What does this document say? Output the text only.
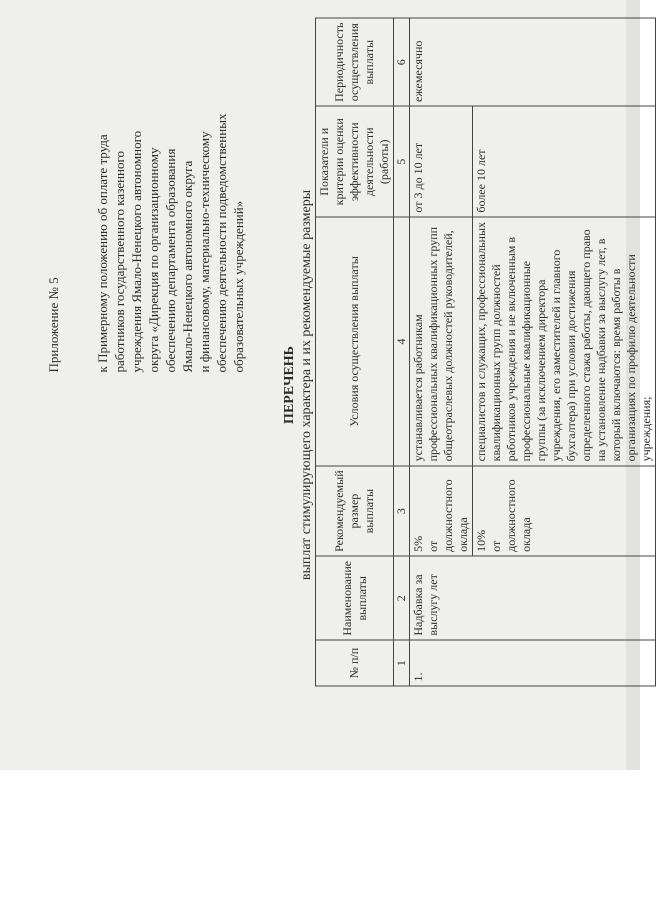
Приложение № 5	к Примерному положению об оплате труда работников государственного казенного учреждения Ямало-Ненецкого автономного округа «Дирекция по организационному обеспечению департамента образования Ямало-Ненецкого автономного округа и финансовому, материально-техническому обеспечению деятельности подведомственных образовательных учреждений»
ПЕРЕЧЕНЬ выплат стимулирующего характера и их рекомендуемые размеры
№ п/п	Наименование выплаты	Рекомендуемый размер выплаты	Условия осуществления выплаты	Показатели и критерии оценки эффективности деятельности (работы)	Периодичность осуществления выплаты
1	2	3	4	5	6
1.	Надбавка за выслугу лет	5% от должностного оклада	устанавливается работникам профессиональных квалификационных групп общеотраслевых должностей руководителей,	от 3 до 10 лет	ежемесячно

		10% от должностного оклада	специалистов и служащих, профессиональных квалификационных групп должностей работников учреждения и не включенным в профессиональные квалификационные группы (за исключением директора учреждения, его заместителей и главного бухгалтера) при условии достижения определенного стажа работы, дающего право на установление надбавки за выслугу лет, в который включаются: время работы в организациях по профилю деятельности учреждения;	более 10 лет	
